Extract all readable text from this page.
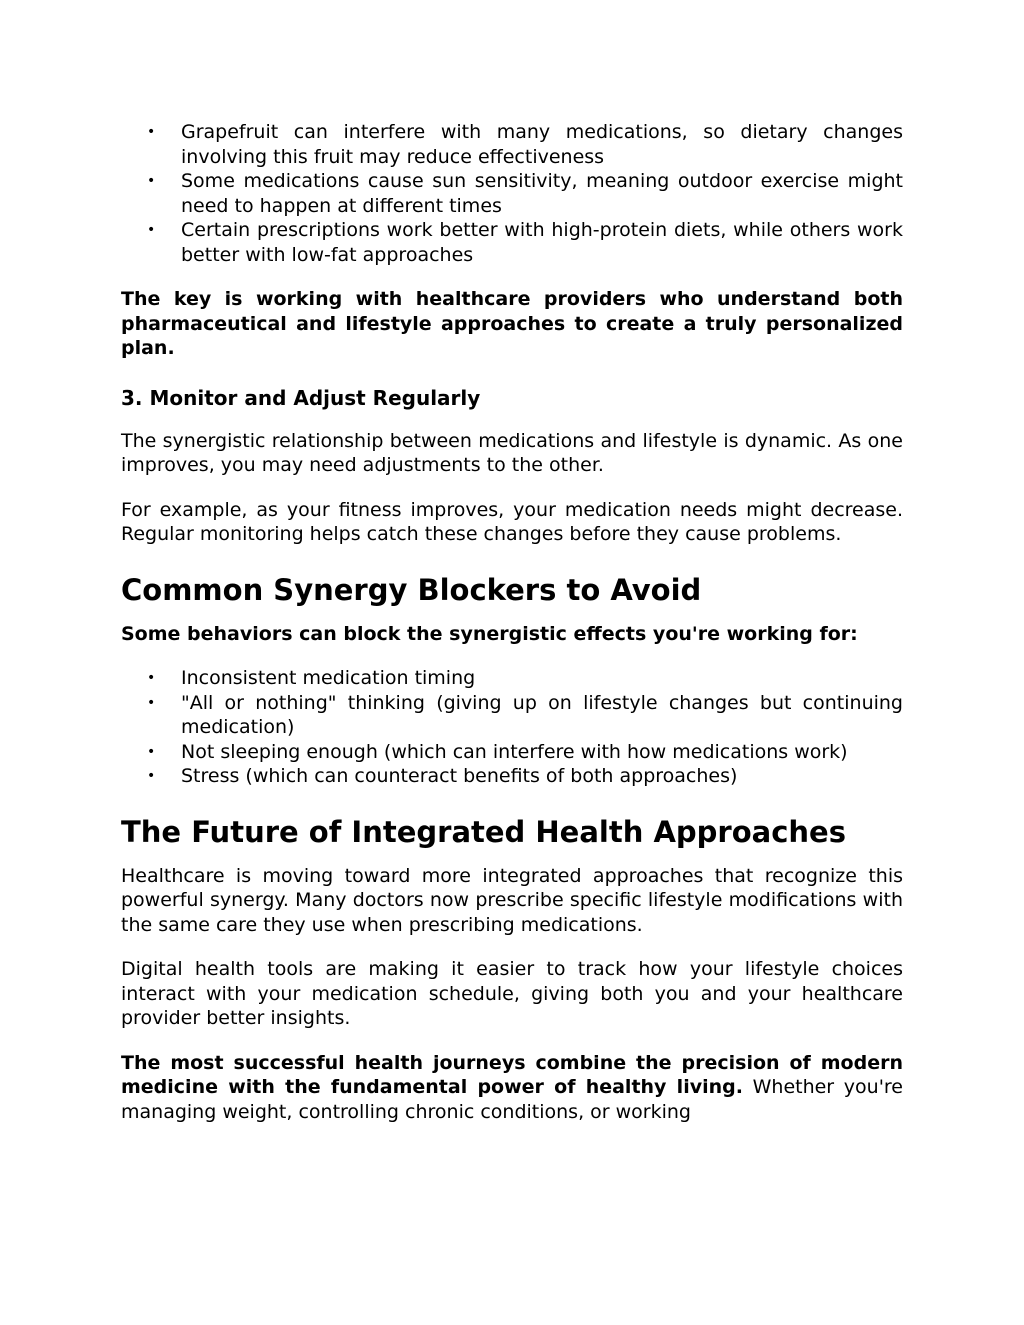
• Grapefruit can interfere with many medications, so dietary changes involving this fruit may reduce effectiveness
• Some medications cause sun sensitivity, meaning outdoor exercise might need to happen at different times
• Certain prescriptions work better with high-protein diets, while others work better with low-fat approaches

The key is working with healthcare providers who understand both pharmaceutical and lifestyle approaches to create a truly personalized plan.

3. Monitor and Adjust Regularly

The synergistic relationship between medications and lifestyle is dynamic. As one improves, you may need adjustments to the other.

For example, as your fitness improves, your medication needs might decrease. Regular monitoring helps catch these changes before they cause problems.

Common Synergy Blockers to Avoid

Some behaviors can block the synergistic effects you're working for:

• Inconsistent medication timing
• "All or nothing" thinking (giving up on lifestyle changes but continuing medication)
• Not sleeping enough (which can interfere with how medications work)
• Stress (which can counteract benefits of both approaches)
The Future of Integrated Health Approaches

Healthcare is moving toward more integrated approaches that recognize this powerful synergy. Many doctors now prescribe specific lifestyle modifications with the same care they use when prescribing medications.

Digital health tools are making it easier to track how your lifestyle choices interact with your medication schedule, giving both you and your healthcare provider better insights.

The most successful health journeys combine the precision of modern medicine with the fundamental power of healthy living. Whether you're managing weight, controlling chronic conditions, or working
